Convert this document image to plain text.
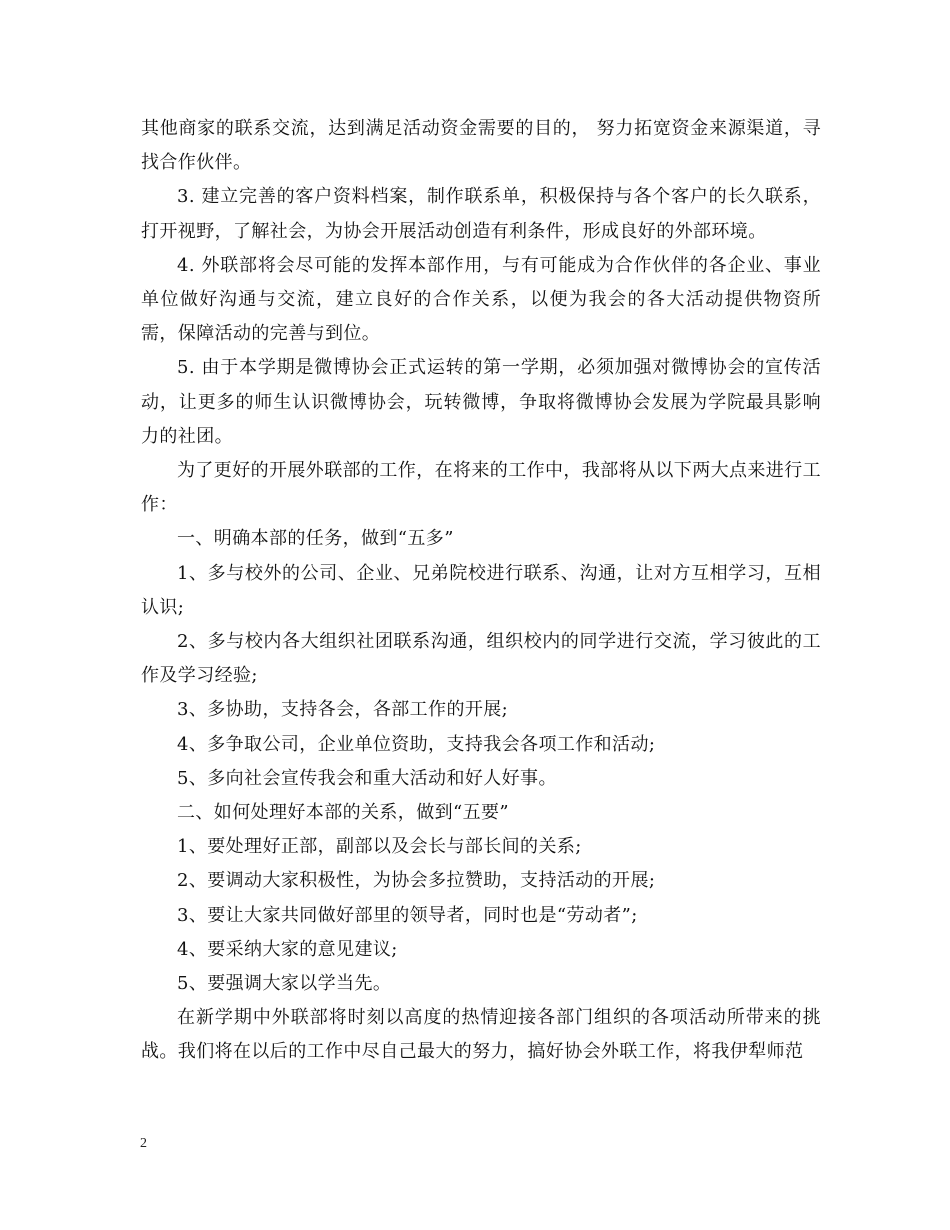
其他商家的联系交流，达到满足活动资金需要的目的， 努力拓宽资金来源渠道，寻找合作伙伴。

3. 建立完善的客户资料档案，制作联系单，积极保持与各个客户的长久联系，打开视野，了解社会，为协会开展活动创造有利条件，形成良好的外部环境。

4. 外联部将会尽可能的发挥本部作用，与有可能成为合作伙伴的各企业、事业单位做好沟通与交流，建立良好的合作关系，以便为我会的各大活动提供物资所需，保障活动的完善与到位。

5. 由于本学期是微博协会正式运转的第一学期，必须加强对微博协会的宣传活动，让更多的师生认识微博协会，玩转微博，争取将微博协会发展为学院最具影响力的社团。

为了更好的开展外联部的工作，在将来的工作中，我部将从以下两大点来进行工作：

一、明确本部的任务，做到“五多”

1、多与校外的公司、企业、兄弟院校进行联系、沟通，让对方互相学习，互相认识;

2、多与校内各大组织社团联系沟通，组织校内的同学进行交流，学习彼此的工作及学习经验;

3、多协助，支持各会，各部工作的开展;

4、多争取公司，企业单位资助，支持我会各项工作和活动;

5、多向社会宣传我会和重大活动和好人好事。

二、如何处理好本部的关系，做到“五要”

1、要处理好正部，副部以及会长与部长间的关系;

2、要调动大家积极性，为协会多拉赞助，支持活动的开展;

3、要让大家共同做好部里的领导者，同时也是“劳动者”;

4、要采纳大家的意见建议;

5、要强调大家以学当先。

在新学期中外联部将时刻以高度的热情迎接各部门组织的各项活动所带来的挑战。我们将在以后的工作中尽自己最大的努力，搞好协会外联工作，将我伊犁师范

2
